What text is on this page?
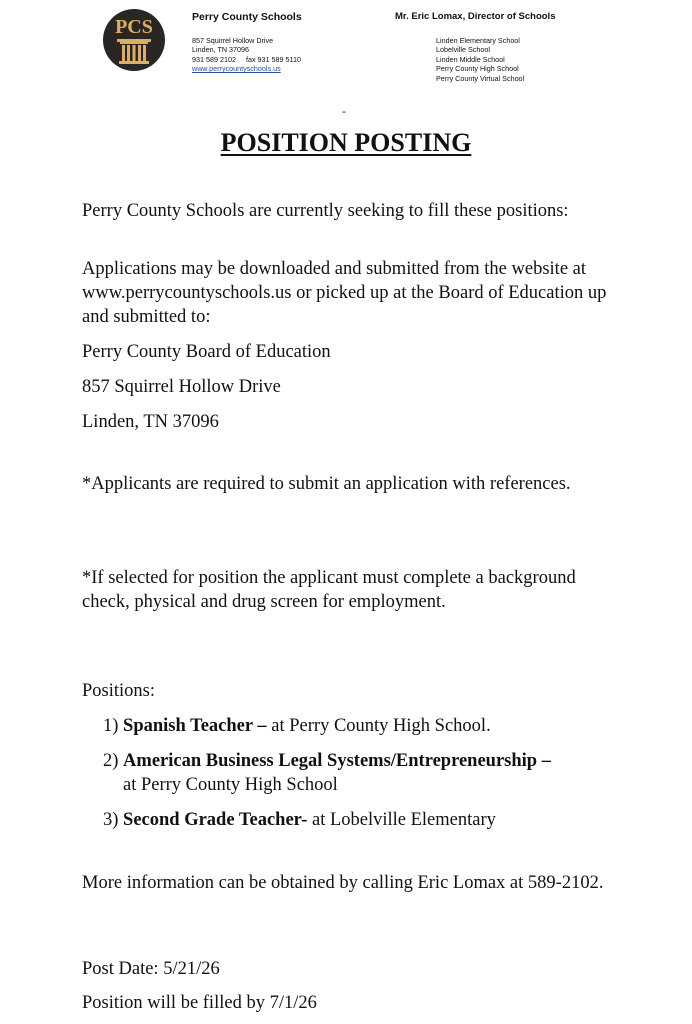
PCS	Perry County Schools
857 Squirrel Hollow Drive
Linden, TN 37096
931 589 2102     fax 931 589 5110
www.perrycountyschools.us
Mr. Eric Lomax, Director of Schools
Linden Elementary School
Lobelville School
Linden Middle School
Perry County High School
Perry County Virtual School
-
POSITION POSTING

Perry County Schools are currently seeking to fill these positions:

Applications may be downloaded and submitted from the website at www.perrycountyschools.us or picked up at the Board of Education up and submitted to:

Perry County Board of Education

857 Squirrel Hollow Drive

Linden, TN 37096

*Applicants are required to submit an application with references.

*If selected for position the applicant must complete a background check, physical and drug screen for employment.

Positions:

1) Spanish Teacher – at Perry County High School.
2) American Business Legal Systems/Entrepreneurship –
at Perry County High School
3) Second Grade Teacher- at Lobelville Elementary

More information can be obtained by calling Eric Lomax at 589-2102.

Post Date: 5/21/26

Position will be filled by 7/1/26
